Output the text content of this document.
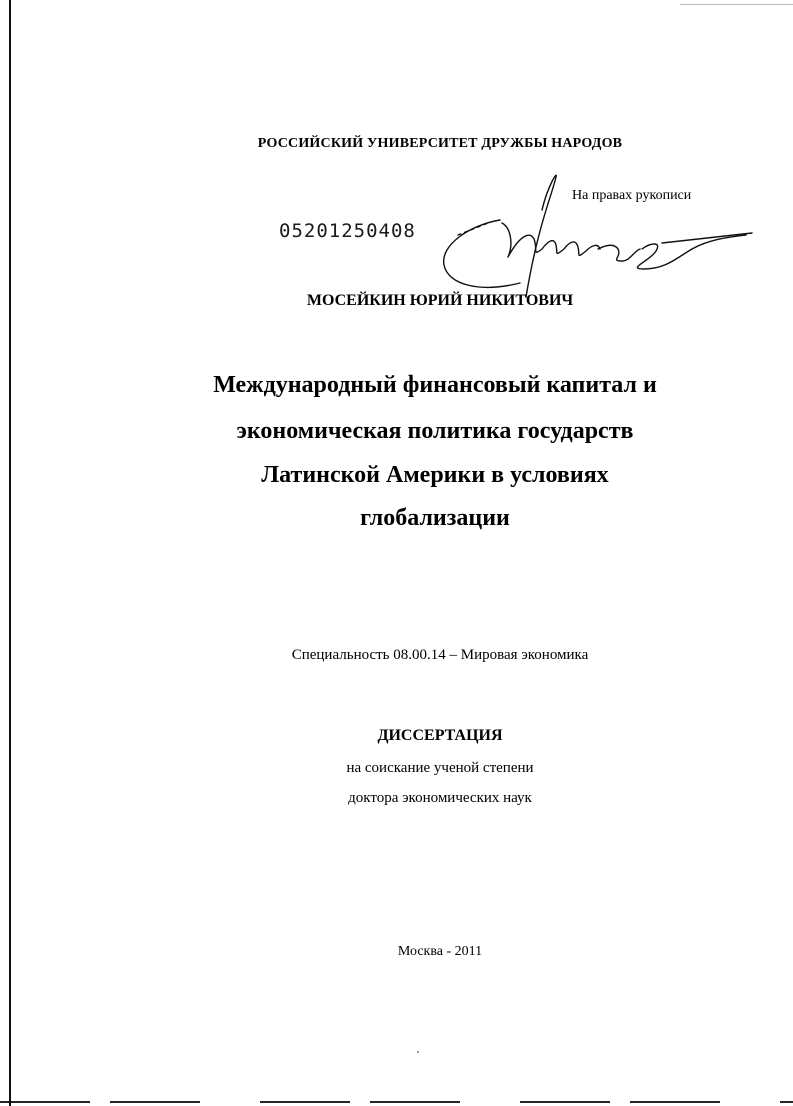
РОССИЙСКИЙ УНИВЕРСИТЕТ ДРУЖБЫ НАРОДОВ
На правах рукописи
05201250408
МОСЕЙКИН ЮРИЙ НИКИТОВИЧ
Международный финансовый капитал и
экономическая политика государств
Латинской Америки в условиях
глобализации
Специальность 08.00.14 – Мировая экономика
ДИССЕРТАЦИЯ
на соискание ученой степени
доктора экономических наук
Москва - 2011
